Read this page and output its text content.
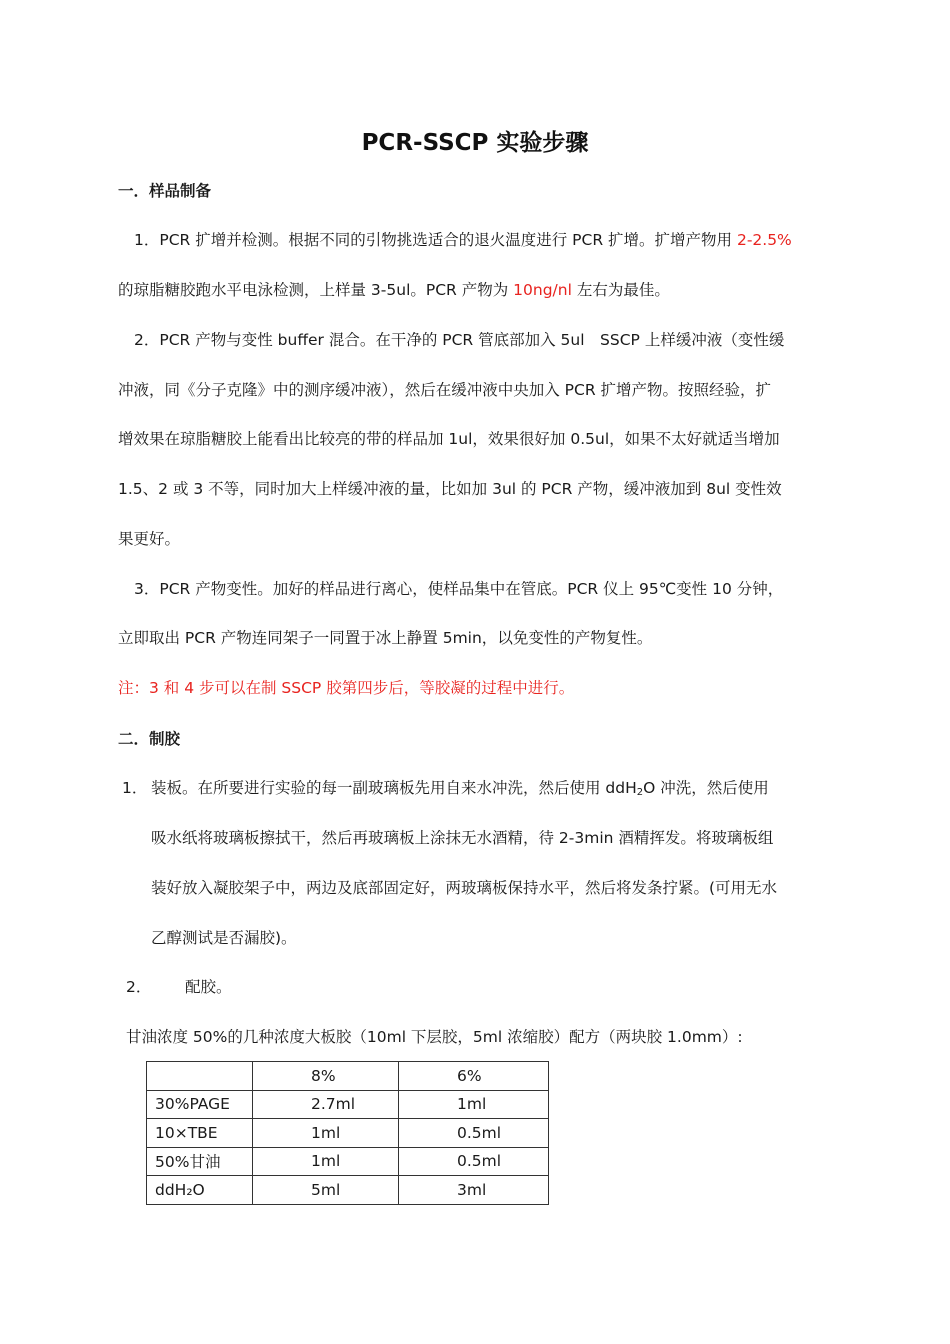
PCR-SSCP 实验步骤
一．样品制备
1．PCR 扩增并检测。根据不同的引物挑选适合的退火温度进行 PCR 扩增。扩增产物用 2-2.5%
的琼脂糖胶跑水平电泳检测，上样量 3-5ul。PCR 产物为 10ng/nl 左右为最佳。
2．PCR 产物与变性 buffer 混合。在干净的 PCR 管底部加入 5ul　SSCP 上样缓冲液（变性缓
冲液，同《分子克隆》中的测序缓冲液），然后在缓冲液中央加入 PCR 扩增产物。按照经验，扩
增效果在琼脂糖胶上能看出比较亮的带的样品加 1ul，效果很好加 0.5ul，如果不太好就适当增加
1.5、2 或 3 不等，同时加大上样缓冲液的量，比如加 3ul 的 PCR 产物，缓冲液加到 8ul 变性效
果更好。
3．PCR 产物变性。加好的样品进行离心，使样品集中在管底。PCR 仪上 95℃变性 10 分钟，
立即取出 PCR 产物连同架子一同置于冰上静置 5min，以免变性的产物复性。
注：3 和 4 步可以在制 SSCP 胶第四步后，等胶凝的过程中进行。
二．制胶
1． 装板。在所要进行实验的每一副玻璃板先用自来水冲洗，然后使用 ddH$_2$O 冲洗，然后使用
吸水纸将玻璃板擦拭干，然后再玻璃板上涂抹无水酒精，待 2-3min 酒精挥发。将玻璃板组
装好放入凝胶架子中，两边及底部固定好，两玻璃板保持水平，然后将发条拧紧。(可用无水
乙醇测试是否漏胶)。
2．	配胶。
甘油浓度 50%的几种浓度大板胶（10ml 下层胶，5ml 浓缩胶）配方（两块胶 1.0mm）:
	8%	6%
30%PAGE	2.7ml	1ml
10×TBE	1ml	0.5ml
50%甘油	1ml	0.5ml
ddH₂O	5ml	3ml
